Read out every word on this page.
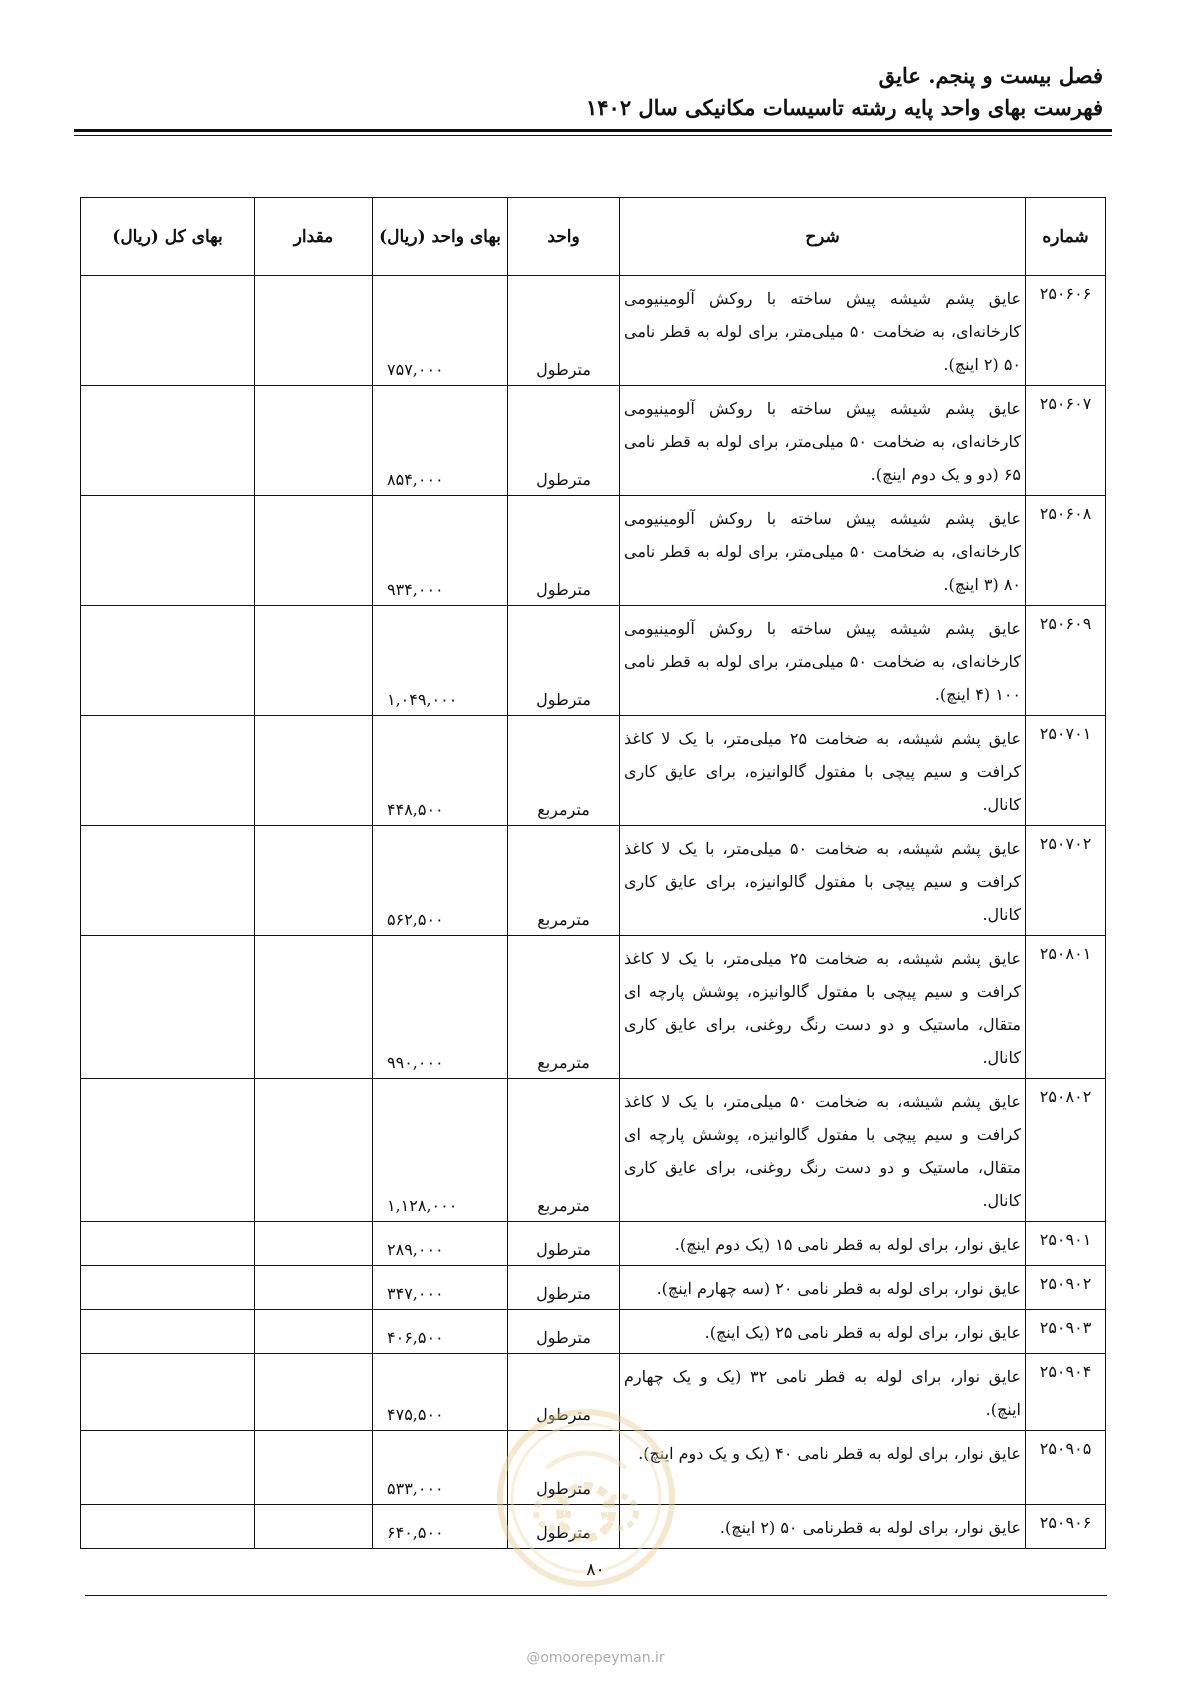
فصل بیست و پنجم. عایق
فهرست بهای واحد پایه رشته تاسیسات مکانیکی سال ۱۴۰۲
شماره	شرح	واحد	بهای واحد (ریال)	مقدار	بهای کل (ریال)
۲۵۰۶۰۶	عایق پشم شیشه پیش ساخته با روکش آلومینیومی کارخانه‌ای، به ضخامت ۵۰ میلی‌متر، برای لوله به قطر نامی ۵۰ (۲ اینچ).	مترطول	۷۵۷,۰۰۰		
۲۵۰۶۰۷	عایق پشم شیشه پیش ساخته با روکش آلومینیومی کارخانه‌ای، به ضخامت ۵۰ میلی‌متر، برای لوله به قطر نامی ۶۵ (دو و یک دوم اینچ).	مترطول	۸۵۴,۰۰۰		
۲۵۰۶۰۸	عایق پشم شیشه پیش ساخته با روکش آلومینیومی کارخانه‌ای، به ضخامت ۵۰ میلی‌متر، برای لوله به قطر نامی ۸۰ (۳ اینچ).	مترطول	۹۳۴,۰۰۰		
۲۵۰۶۰۹	عایق پشم شیشه پیش ساخته با روکش آلومینیومی کارخانه‌ای، به ضخامت ۵۰ میلی‌متر، برای لوله به قطر نامی ۱۰۰ (۴ اینچ).	مترطول	۱,۰۴۹,۰۰۰		
۲۵۰۷۰۱	عایق پشم شیشه، به ضخامت ۲۵ میلی‌متر، با یک لا کاغذ کرافت و سیم پیچی با مفتول گالوانیزه، برای عایق کاری کانال.	مترمربع	۴۴۸,۵۰۰		
۲۵۰۷۰۲	عایق پشم شیشه، به ضخامت ۵۰ میلی‌متر، با یک لا کاغذ کرافت و سیم پیچی با مفتول گالوانیزه، برای عایق کاری کانال.	مترمربع	۵۶۲,۵۰۰		
۲۵۰۸۰۱	عایق پشم شیشه، به ضخامت ۲۵ میلی‌متر، با یک لا کاغذ کرافت و سیم پیچی با مفتول گالوانیزه، پوشش پارچه ای متقال، ماستیک و دو دست رنگ روغنی، برای عایق کاری کانال.	مترمربع	۹۹۰,۰۰۰		
۲۵۰۸۰۲	عایق پشم شیشه، به ضخامت ۵۰ میلی‌متر، با یک لا کاغذ کرافت و سیم پیچی با مفتول گالوانیزه، پوشش پارچه ای متقال، ماستیک و دو دست رنگ روغنی، برای عایق کاری کانال.	مترمربع	۱,۱۲۸,۰۰۰		
۲۵۰۹۰۱	عایق نوار، برای لوله به قطر نامی ۱۵ (یک دوم اینچ).	مترطول	۲۸۹,۰۰۰		
۲۵۰۹۰۲	عایق نوار، برای لوله به قطر نامی ۲۰ (سه چهارم اینچ).	مترطول	۳۴۷,۰۰۰		
۲۵۰۹۰۳	عایق نوار، برای لوله به قطر نامی ۲۵ (یک اینچ).	مترطول	۴۰۶,۵۰۰		
۲۵۰۹۰۴	عایق نوار، برای لوله به قطر نامی ۳۲ (یک و یک چهارم اینچ).	مترطول	۴۷۵,۵۰۰		
۲۵۰۹۰۵	عایق نوار، برای لوله به قطر نامی ۴۰ (یک و یک دوم اینچ).	مترطول	۵۳۳,۰۰۰		
۲۵۰۹۰۶	عایق نوار، برای لوله به قطرنامی ۵۰ (۲ اینچ).	مترطول	۶۴۰,۵۰۰		
۸۰
@omoorepeyman.ir
